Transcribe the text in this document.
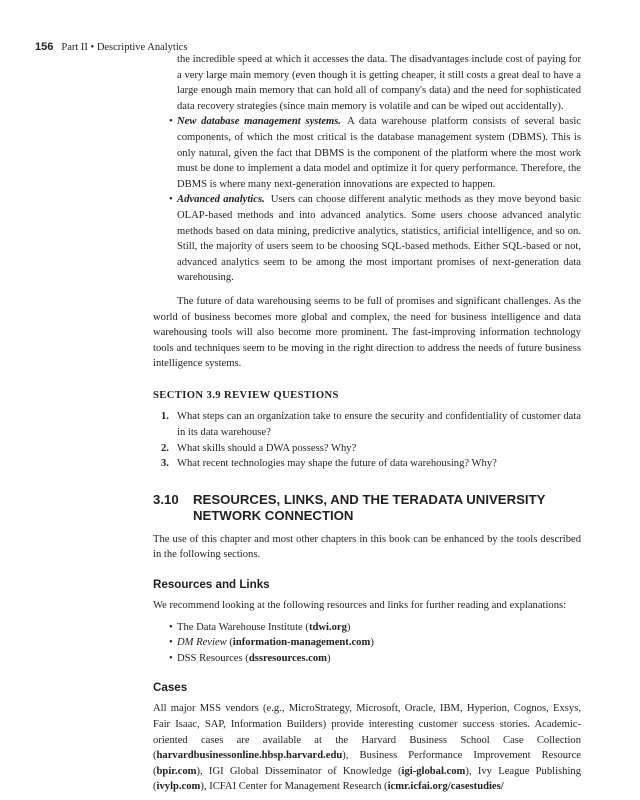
156 Part II • Descriptive Analytics

the incredible speed at which it accesses the data. The disadvantages include cost of paying for a very large main memory (even though it is getting cheaper, it still costs a great deal to have a large enough main memory that can hold all of company's data) and the need for sophisticated data recovery strategies (since main memory is volatile and can be wiped out accidentally).

• New database management systems. A data warehouse platform consists of several basic components, of which the most critical is the database management system (DBMS). This is only natural, given the fact that DBMS is the component of the platform where the most work must be done to implement a data model and optimize it for query performance. Therefore, the DBMS is where many next-generation innovations are expected to happen.
• Advanced analytics. Users can choose different analytic methods as they move beyond basic OLAP-based methods and into advanced analytics. Some users choose advanced analytic methods based on data mining, predictive analytics, statistics, artificial intelligence, and so on. Still, the majority of users seem to be choosing SQL-based methods. Either SQL-based or not, advanced analytics seem to be among the most important promises of next-generation data warehousing.

The future of data warehousing seems to be full of promises and significant challenges. As the world of business becomes more global and complex, the need for business intelligence and data warehousing tools will also become more prominent. The fast-improving information technology tools and techniques seem to be moving in the right direction to address the needs of future business intelligence systems.

SECTION 3.9 REVIEW QUESTIONS

1. What steps can an organization take to ensure the security and confidentiality of customer data in its data warehouse?
2. What skills should a DWA possess? Why?
3. What recent technologies may shape the future of data warehousing? Why?

3.10 RESOURCES, LINKS, AND THE TERADATA UNIVERSITY NETWORK CONNECTION

The use of this chapter and most other chapters in this book can be enhanced by the tools described in the following sections.

Resources and Links

We recommend looking at the following resources and links for further reading and explanations:

• The Data Warehouse Institute (tdwi.org)
• DM Review (information-management.com)
• DSS Resources (dssresources.com)

Cases

All major MSS vendors (e.g., MicroStrategy, Microsoft, Oracle, IBM, Hyperion, Cognos, Exsys, Fair Isaac, SAP, Information Builders) provide interesting customer success stories. Academic-oriented cases are available at the Harvard Business School Case Collection (harvardbusinessonline.hbsp.harvard.edu), Business Performance Improvement Resource (bpir.com), IGI Global Disseminator of Knowledge (igi-global.com), Ivy League Publishing (ivylp.com), ICFAI Center for Management Research (icmr.icfai.org/casestudies/
